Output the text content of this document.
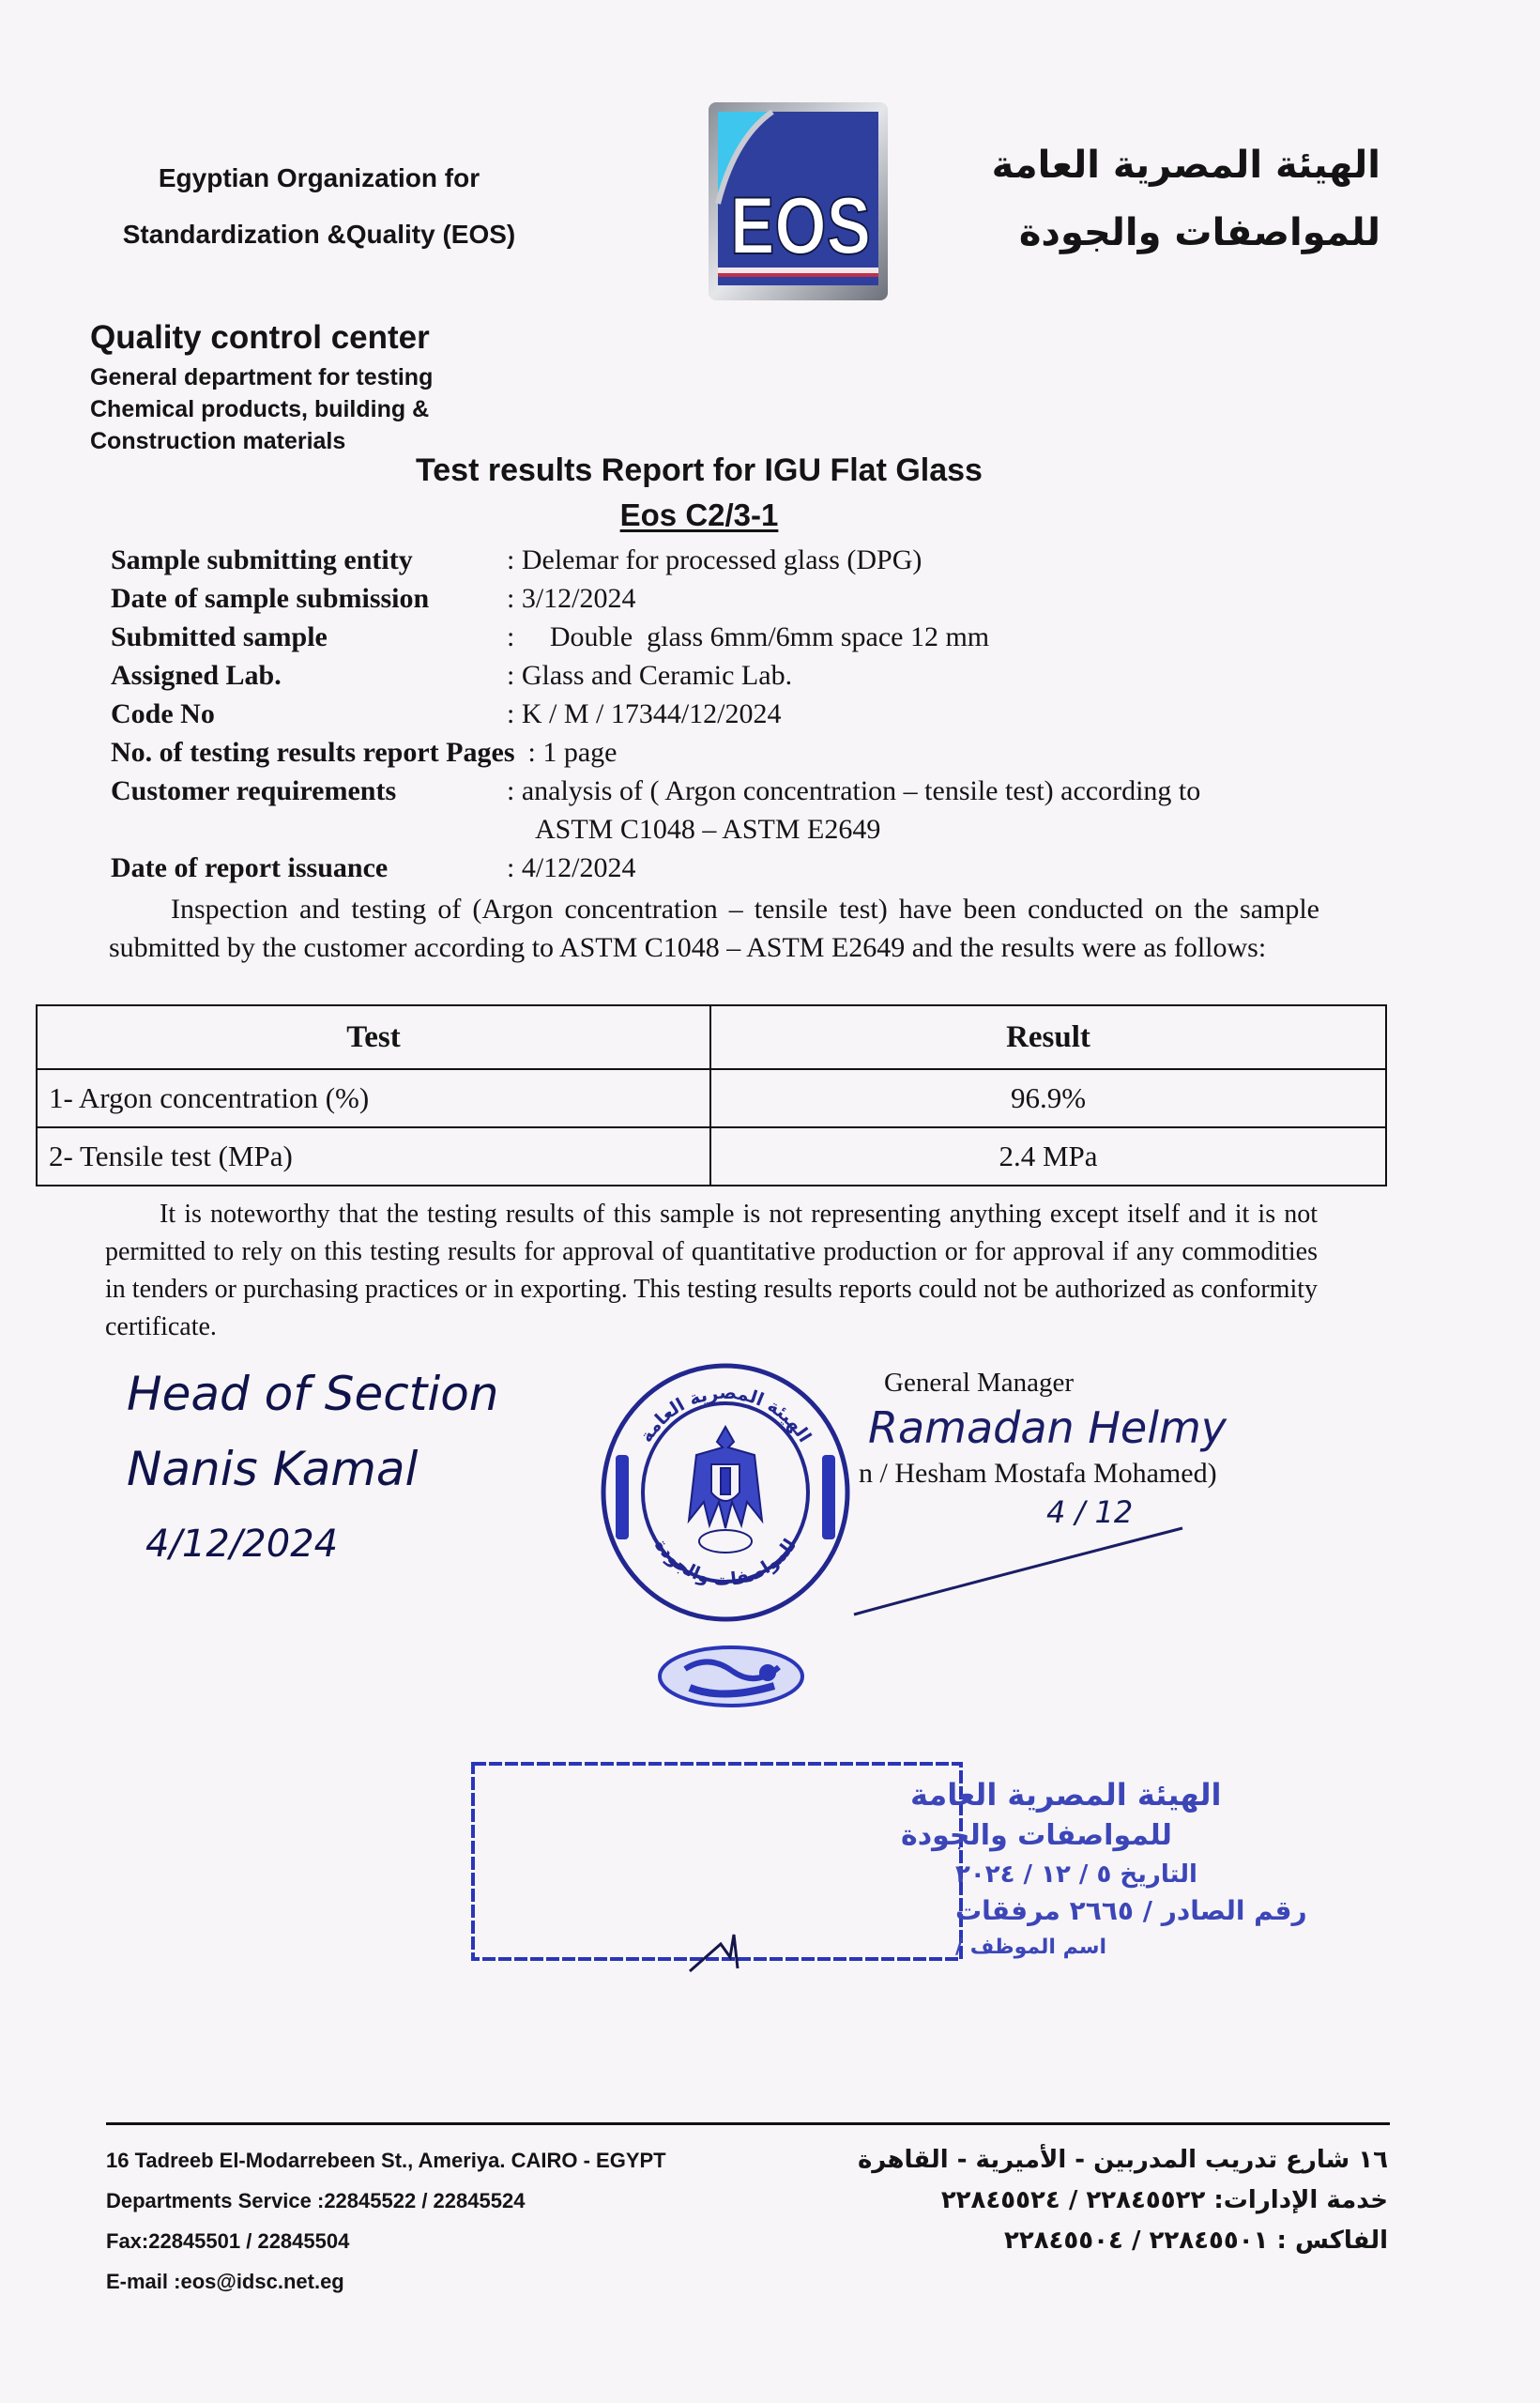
Egyptian Organization for
Standardization &Quality (EOS)	EOS
الهيئة المصرية العامة
للمواصفات والجودة
Quality control center
General department for testing
Chemical products, building &
Construction materials
Test results Report for IGU Flat Glass
Eos C2/3-1
Sample submitting entity	: Delemar for processed glass (DPG)
Date of sample submission	: 3/12/2024
Submitted sample	:     Double  glass 6mm/6mm space 12 mm
Assigned Lab.	: Glass and Ceramic Lab.
Code No	: K / M / 17344/12/2024
No. of testing results report Pages : 1 page
Customer requirements	: analysis of ( Argon concentration – tensile test) according to
ASTM C1048 – ASTM E2649
Date of report issuance	: 4/12/2024

Inspection and testing of (Argon concentration – tensile test) have been conducted on the sample submitted by the customer according to ASTM C1048 – ASTM E2649 and the results were as follows:

Test	Result
1- Argon concentration (%)	96.9%
2- Tensile test (MPa)	2.4 MPa

It is noteworthy that the testing results of this sample is not representing anything except itself and it is not permitted to rely on this testing results for approval of quantitative production or for approval if any commodities in tenders or purchasing practices or in exporting. This testing results reports could not be authorized as conformity certificate.

Head of Section
Nanis Kamal
4/12/2024
General Manager
Ramadan Helmy
n / Hesham Mostafa Mohamed)
4 / 12
الهيئة المصرية العامة
للمواصفات والجودة
الهيئة المصرية العامة
للمواصفات والجودة
التاريخ ٥ / ١٢ / ٢٠٢٤
رقم الصادر / ٢٦٦٥ مرفقات
اسم الموظف /
16 Tadreeb El-Modarrebeen St., Ameriya. CAIRO - EGYPT
Departments Service :22845522 / 22845524
Fax:22845501 / 22845504
E-mail :eos@idsc.net.eg
١٦ شارع تدريب المدربين - الأميرية - القاهرة
خدمة الإدارات: ٢٢٨٤٥٥٢٢ / ٢٢٨٤٥٥٢٤
الفاكس : ٢٢٨٤٥٥٠١ / ٢٢٨٤٥٥٠٤
